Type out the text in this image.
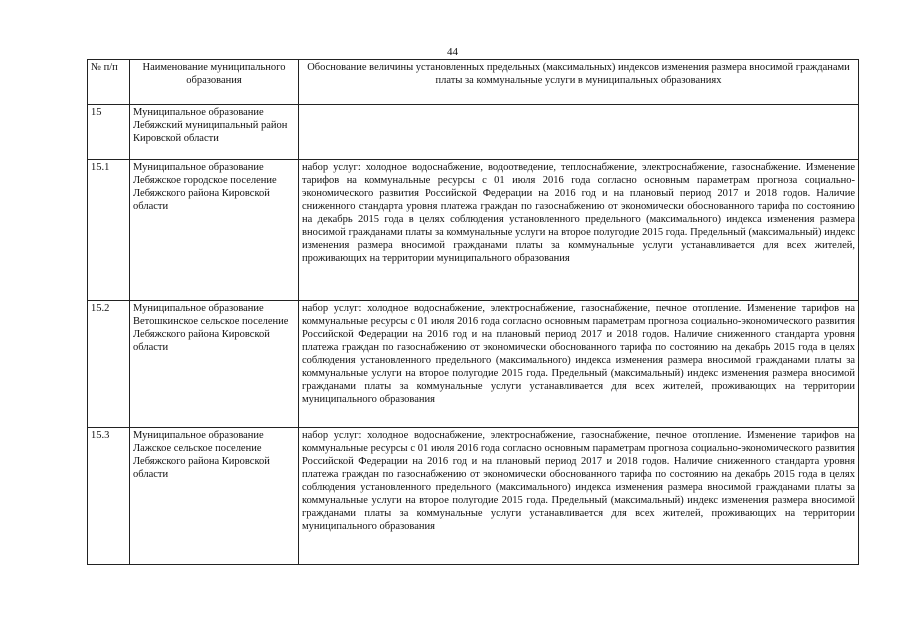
44
№ п/п	Наименование муниципального образования	Обоснование величины установленных предельных (максимальных) индексов изменения размера вносимой гражданами платы за коммунальные услуги в муниципальных образованиях
15	Муниципальное образование Лебяжский муниципальный район Кировской области	
15.1	Муниципальное образование Лебяжское городское поселение Лебяжского района Кировской области	набор услуг: холодное водоснабжение, водоотведение, теплоснабжение, электроснабжение, газоснабжение. Изменение тарифов на коммунальные ресурсы с 01 июля 2016 года согласно основным параметрам прогноза социально-экономического развития Российской Федерации на 2016 год и на плановый период 2017 и 2018 годов. Наличие сниженного стандарта уровня платежа граждан по газоснабжению от экономически обоснованного тарифа по состоянию на декабрь 2015 года в целях соблюдения установленного предельного (максимального) индекса изменения размера вносимой гражданами платы за коммунальные услуги на второе полугодие 2015 года. Предельный (максимальный) индекс изменения размера вносимой гражданами платы за коммунальные услуги устанавливается для всех жителей, проживающих на территории муниципального образования
15.2	Муниципальное образование Ветошкинское сельское поселение Лебяжского района Кировской области	набор услуг: холодное водоснабжение, электроснабжение, газоснабжение, печное отопление. Изменение тарифов на коммунальные ресурсы с 01 июля 2016 года согласно основным параметрам прогноза социально-экономического развития Российской Федерации на 2016 год и на плановый период 2017 и 2018 годов. Наличие сниженного стандарта уровня платежа граждан по газоснабжению от экономически обоснованного тарифа по состоянию на декабрь 2015 года в целях соблюдения установленного предельного (максимального) индекса изменения размера вносимой гражданами платы за коммунальные услуги на второе полугодие 2015 года. Предельный (максимальный) индекс изменения размера вносимой гражданами платы за коммунальные услуги устанавливается для всех жителей, проживающих на территории муниципального образования
15.3	Муниципальное образование Лажское сельское поселение Лебяжского района Кировской области	набор услуг: холодное водоснабжение, электроснабжение, газоснабжение, печное отопление. Изменение тарифов на коммунальные ресурсы с 01 июля 2016 года согласно основным параметрам прогноза социально-экономического развития Российской Федерации на 2016 год и на плановый период 2017 и 2018 годов. Наличие сниженного стандарта уровня платежа граждан по газоснабжению от экономически обоснованного тарифа по состоянию на декабрь 2015 года в целях соблюдения установленного предельного (максимального) индекса изменения размера вносимой гражданами платы за коммунальные услуги на второе полугодие 2015 года. Предельный (максимальный) индекс изменения размера вносимой гражданами платы за коммунальные услуги устанавливается для всех жителей, проживающих на территории муниципального образования
